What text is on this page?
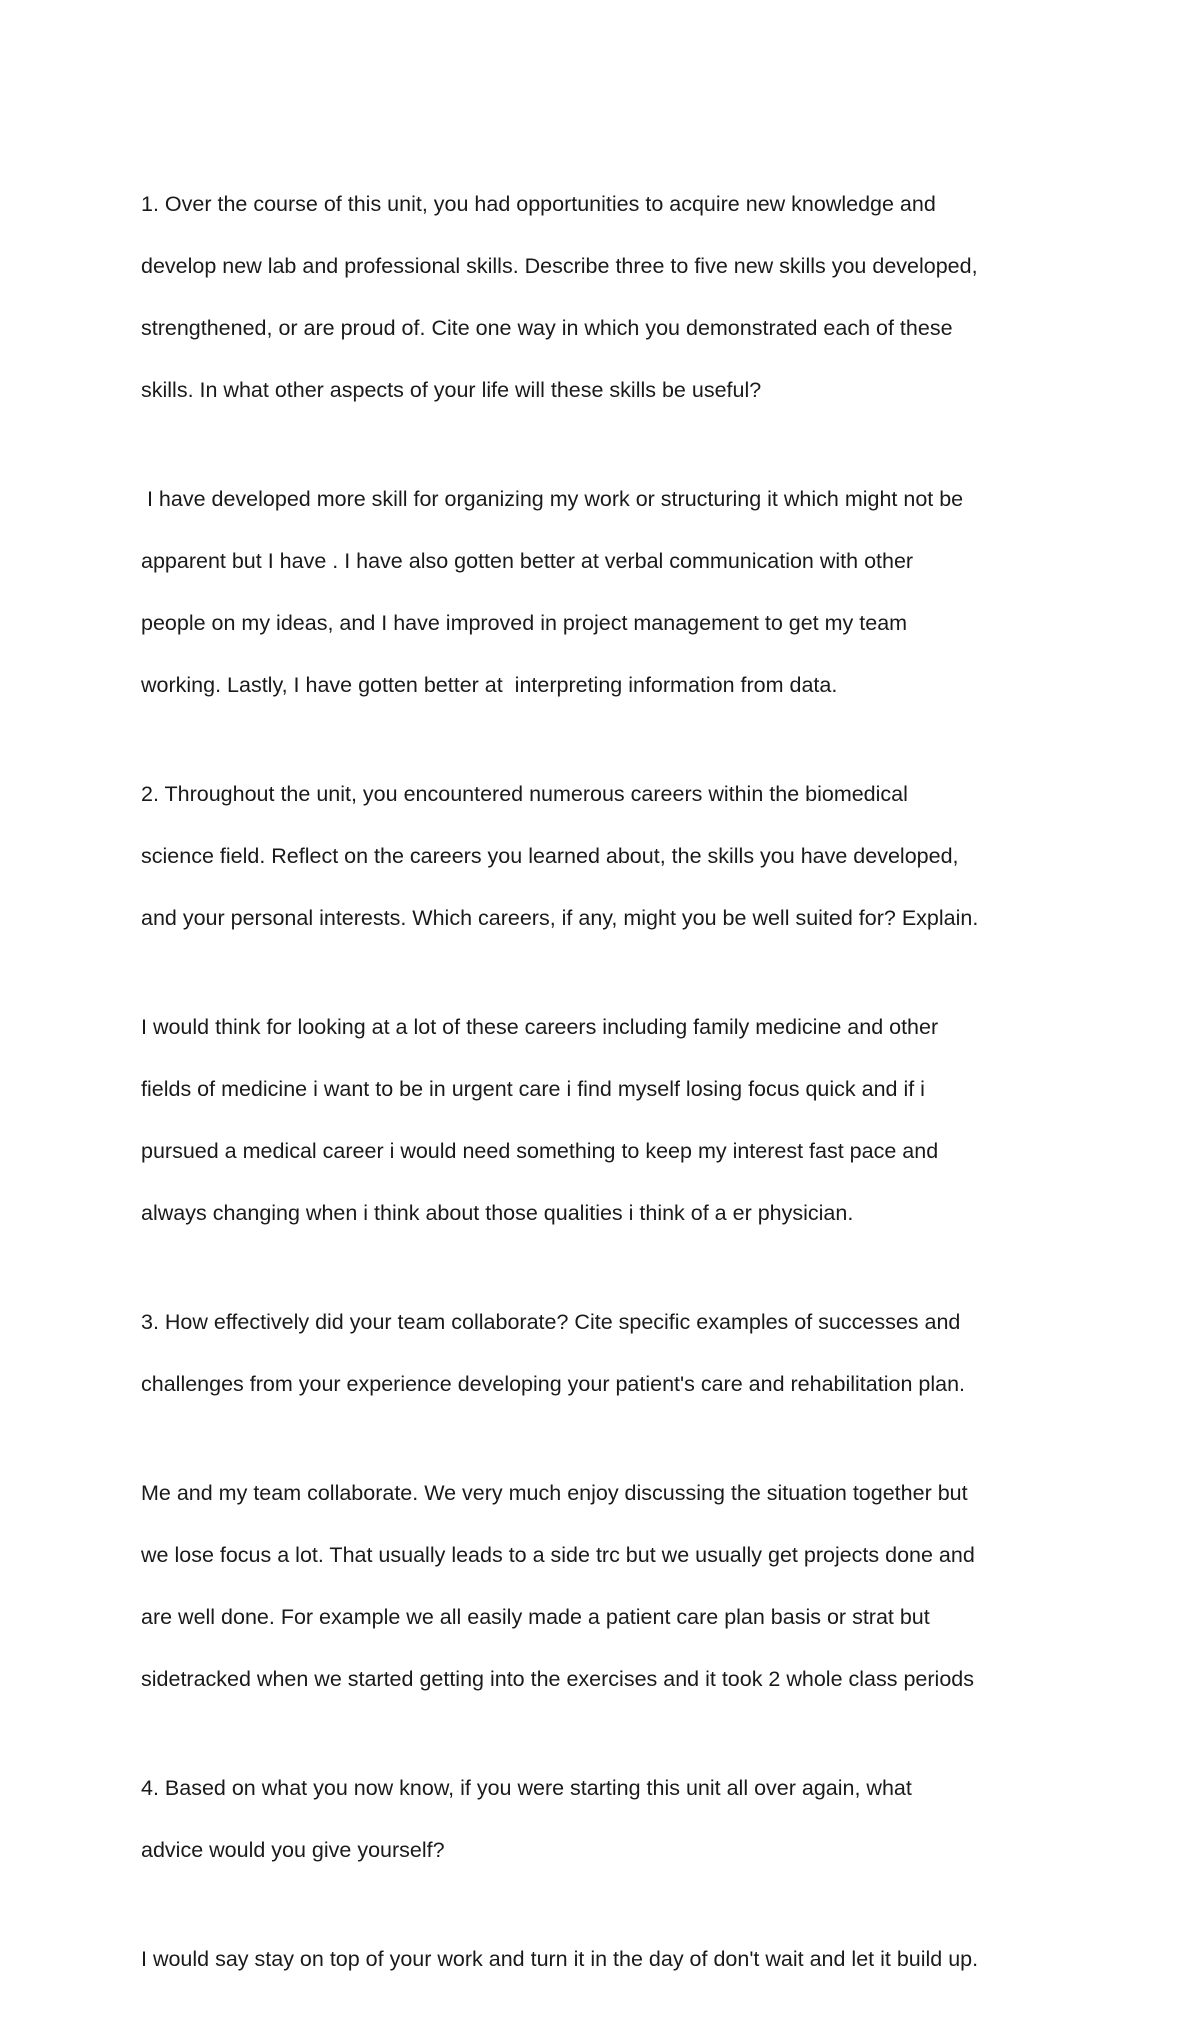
1. Over the course of this unit, you had opportunities to acquire new knowledge and

develop new lab and professional skills. Describe three to five new skills you developed,

strengthened, or are proud of. Cite one way in which you demonstrated each of these

skills. In what other aspects of your life will these skills be useful?

I have developed more skill for organizing my work or structuring it which might not be

apparent but I have . I have also gotten better at verbal communication with other

people on my ideas, and I have improved in project management to get my team

working. Lastly, I have gotten better at  interpreting information from data.

2. Throughout the unit, you encountered numerous careers within the biomedical

science field. Reflect on the careers you learned about, the skills you have developed,

and your personal interests. Which careers, if any, might you be well suited for? Explain.

I would think for looking at a lot of these careers including family medicine and other

fields of medicine i want to be in urgent care i find myself losing focus quick and if i

pursued a medical career i would need something to keep my interest fast pace and

always changing when i think about those qualities i think of a er physician.

3. How effectively did your team collaborate? Cite specific examples of successes and

challenges from your experience developing your patient's care and rehabilitation plan.

Me and my team collaborate. We very much enjoy discussing the situation together but

we lose focus a lot. That usually leads to a side trc but we usually get projects done and

are well done. For example we all easily made a patient care plan basis or strat but

sidetracked when we started getting into the exercises and it took 2 whole class periods

4. Based on what you now know, if you were starting this unit all over again, what

advice would you give yourself?

I would say stay on top of your work and turn it in the day of don't wait and let it build up.
